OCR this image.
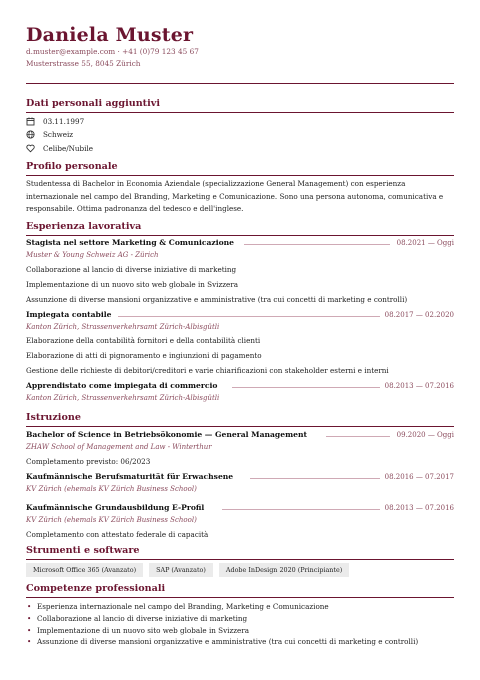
Daniela Muster
d.muster@example.com · +41 (0)79 123 45 67
Musterstrasse 55, 8045 Zürich
Dati personali aggiuntivi
03.11.1997
Schweiz
Celibe/Nubile
Profilo personale
Studentessa di Bachelor in Economia Aziendale (specializzazione General Management) con esperienza internazionale nel campo del Branding, Marketing e Comunicazione. Sono una persona autonoma, comunicativa e responsabile. Ottima padronanza del tedesco e dell'inglese.
Esperienza lavorativa
Stagista nel settore Marketing & Comunicazione	08.2021 — Oggi
Muster & Young Schweiz AG - Zürich
Collaborazione al lancio di diverse iniziative di marketing
Implementazione di un nuovo sito web globale in Svizzera
Assunzione di diverse mansioni organizzative e amministrative (tra cui concetti di marketing e controlli)
Impiegata contabile	08.2017 — 02.2020
Kanton Zürich, Strassenverkehrsamt Zürich-Albisgütli
Elaborazione della contabilità fornitori e della contabilità clienti
Elaborazione di atti di pignoramento e ingiunzioni di pagamento
Gestione delle richieste di debitori/creditori e varie chiarificazioni con stakeholder esterni e interni
Apprendistato come impiegata di commercio	08.2013 — 07.2016
Kanton Zürich, Strassenverkehrsamt Zürich-Albisgütli
Istruzione
Bachelor of Science in Betriebsökonomie — General Management	09.2020 — Oggi
ZHAW School of Management and Law - Winterthur
Completamento previsto: 06/2023
Kaufmännische Berufsmaturität für Erwachsene	08.2016 — 07.2017
KV Zürich (ehemals KV Zürich Business School)
Kaufmännische Grundausbildung E-Profil	08.2013 — 07.2016
KV Zürich (ehemals KV Zürich Business School)
Completamento con attestato federale di capacità
Strumenti e software
Microsoft Office 365 (Avanzato)	SAP (Avanzato)	Adobe InDesign 2020 (Principiante)
Competenze professionali
• Esperienza internazionale nel campo del Branding, Marketing e Comunicazione
• Collaborazione al lancio di diverse iniziative di marketing
• Implementazione di un nuovo sito web globale in Svizzera
• Assunzione di diverse mansioni organizzative e amministrative (tra cui concetti di marketing e controlli)
